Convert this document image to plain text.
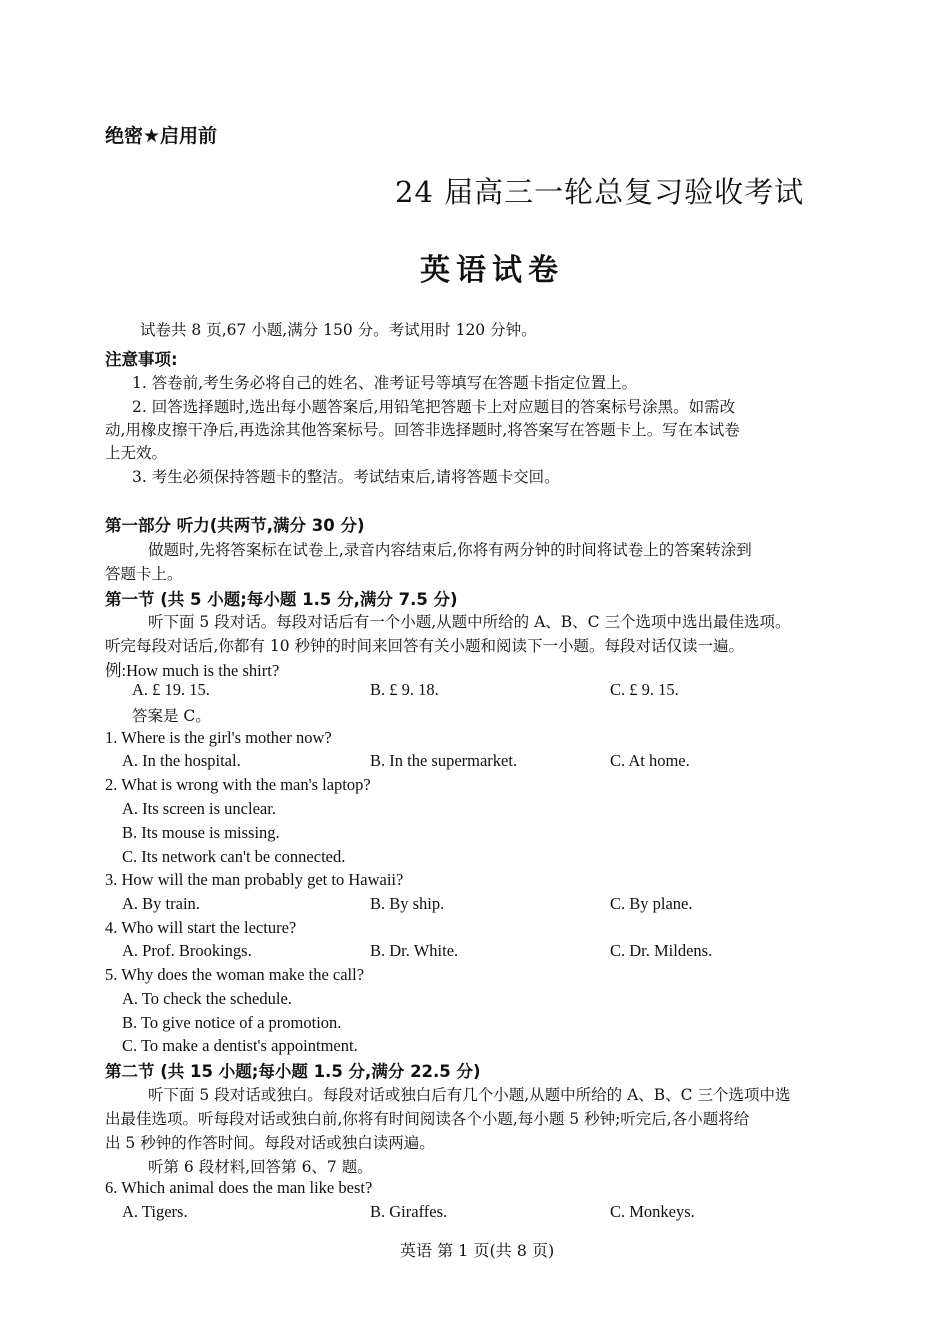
绝密★启用前
24 届高三一轮总复习验收考试
英语试卷
试卷共 8 页,67 小题,满分 150 分。考试用时 120 分钟。
注意事项:
1. 答卷前,考生务必将自己的姓名、准考证号等填写在答题卡指定位置上。
2. 回答选择题时,选出每小题答案后,用铅笔把答题卡上对应题目的答案标号涂黑。如需改
动,用橡皮擦干净后,再选涂其他答案标号。回答非选择题时,将答案写在答题卡上。写在本试卷
上无效。
3. 考生必须保持答题卡的整洁。考试结束后,请将答题卡交回。
第一部分 听力(共两节,满分 30 分)
做题时,先将答案标在试卷上,录音内容结束后,你将有两分钟的时间将试卷上的答案转涂到
答题卡上。
第一节 (共 5 小题;每小题 1.5 分,满分 7.5 分)
听下面 5 段对话。每段对话后有一个小题,从题中所给的 A、B、C 三个选项中选出最佳选项。
听完每段对话后,你都有 10 秒钟的时间来回答有关小题和阅读下一小题。每段对话仅读一遍。
例:How much is the shirt?
A. £ 19. 15.	B. £ 9. 18.	C. £ 9. 15.
答案是 C。
1. Where is the girl's mother now?
A. In the hospital.	B. In the supermarket.	C. At home.
2. What is wrong with the man's laptop?
A. Its screen is unclear.
B. Its mouse is missing.
C. Its network can't be connected.
3. How will the man probably get to Hawaii?
A. By train.	B. By ship.	C. By plane.
4. Who will start the lecture?
A. Prof. Brookings.	B. Dr. White.	C. Dr. Mildens.
5. Why does the woman make the call?
A. To check the schedule.
B. To give notice of a promotion.
C. To make a dentist's appointment.
第二节 (共 15 小题;每小题 1.5 分,满分 22.5 分)
听下面 5 段对话或独白。每段对话或独白后有几个小题,从题中所给的 A、B、C 三个选项中选
出最佳选项。听每段对话或独白前,你将有时间阅读各个小题,每小题 5 秒钟;听完后,各小题将给
出 5 秒钟的作答时间。每段对话或独白读两遍。
听第 6 段材料,回答第 6、7 题。
6. Which animal does the man like best?
A. Tigers.	B. Giraffes.	C. Monkeys.
英语 第 1 页(共 8 页)
